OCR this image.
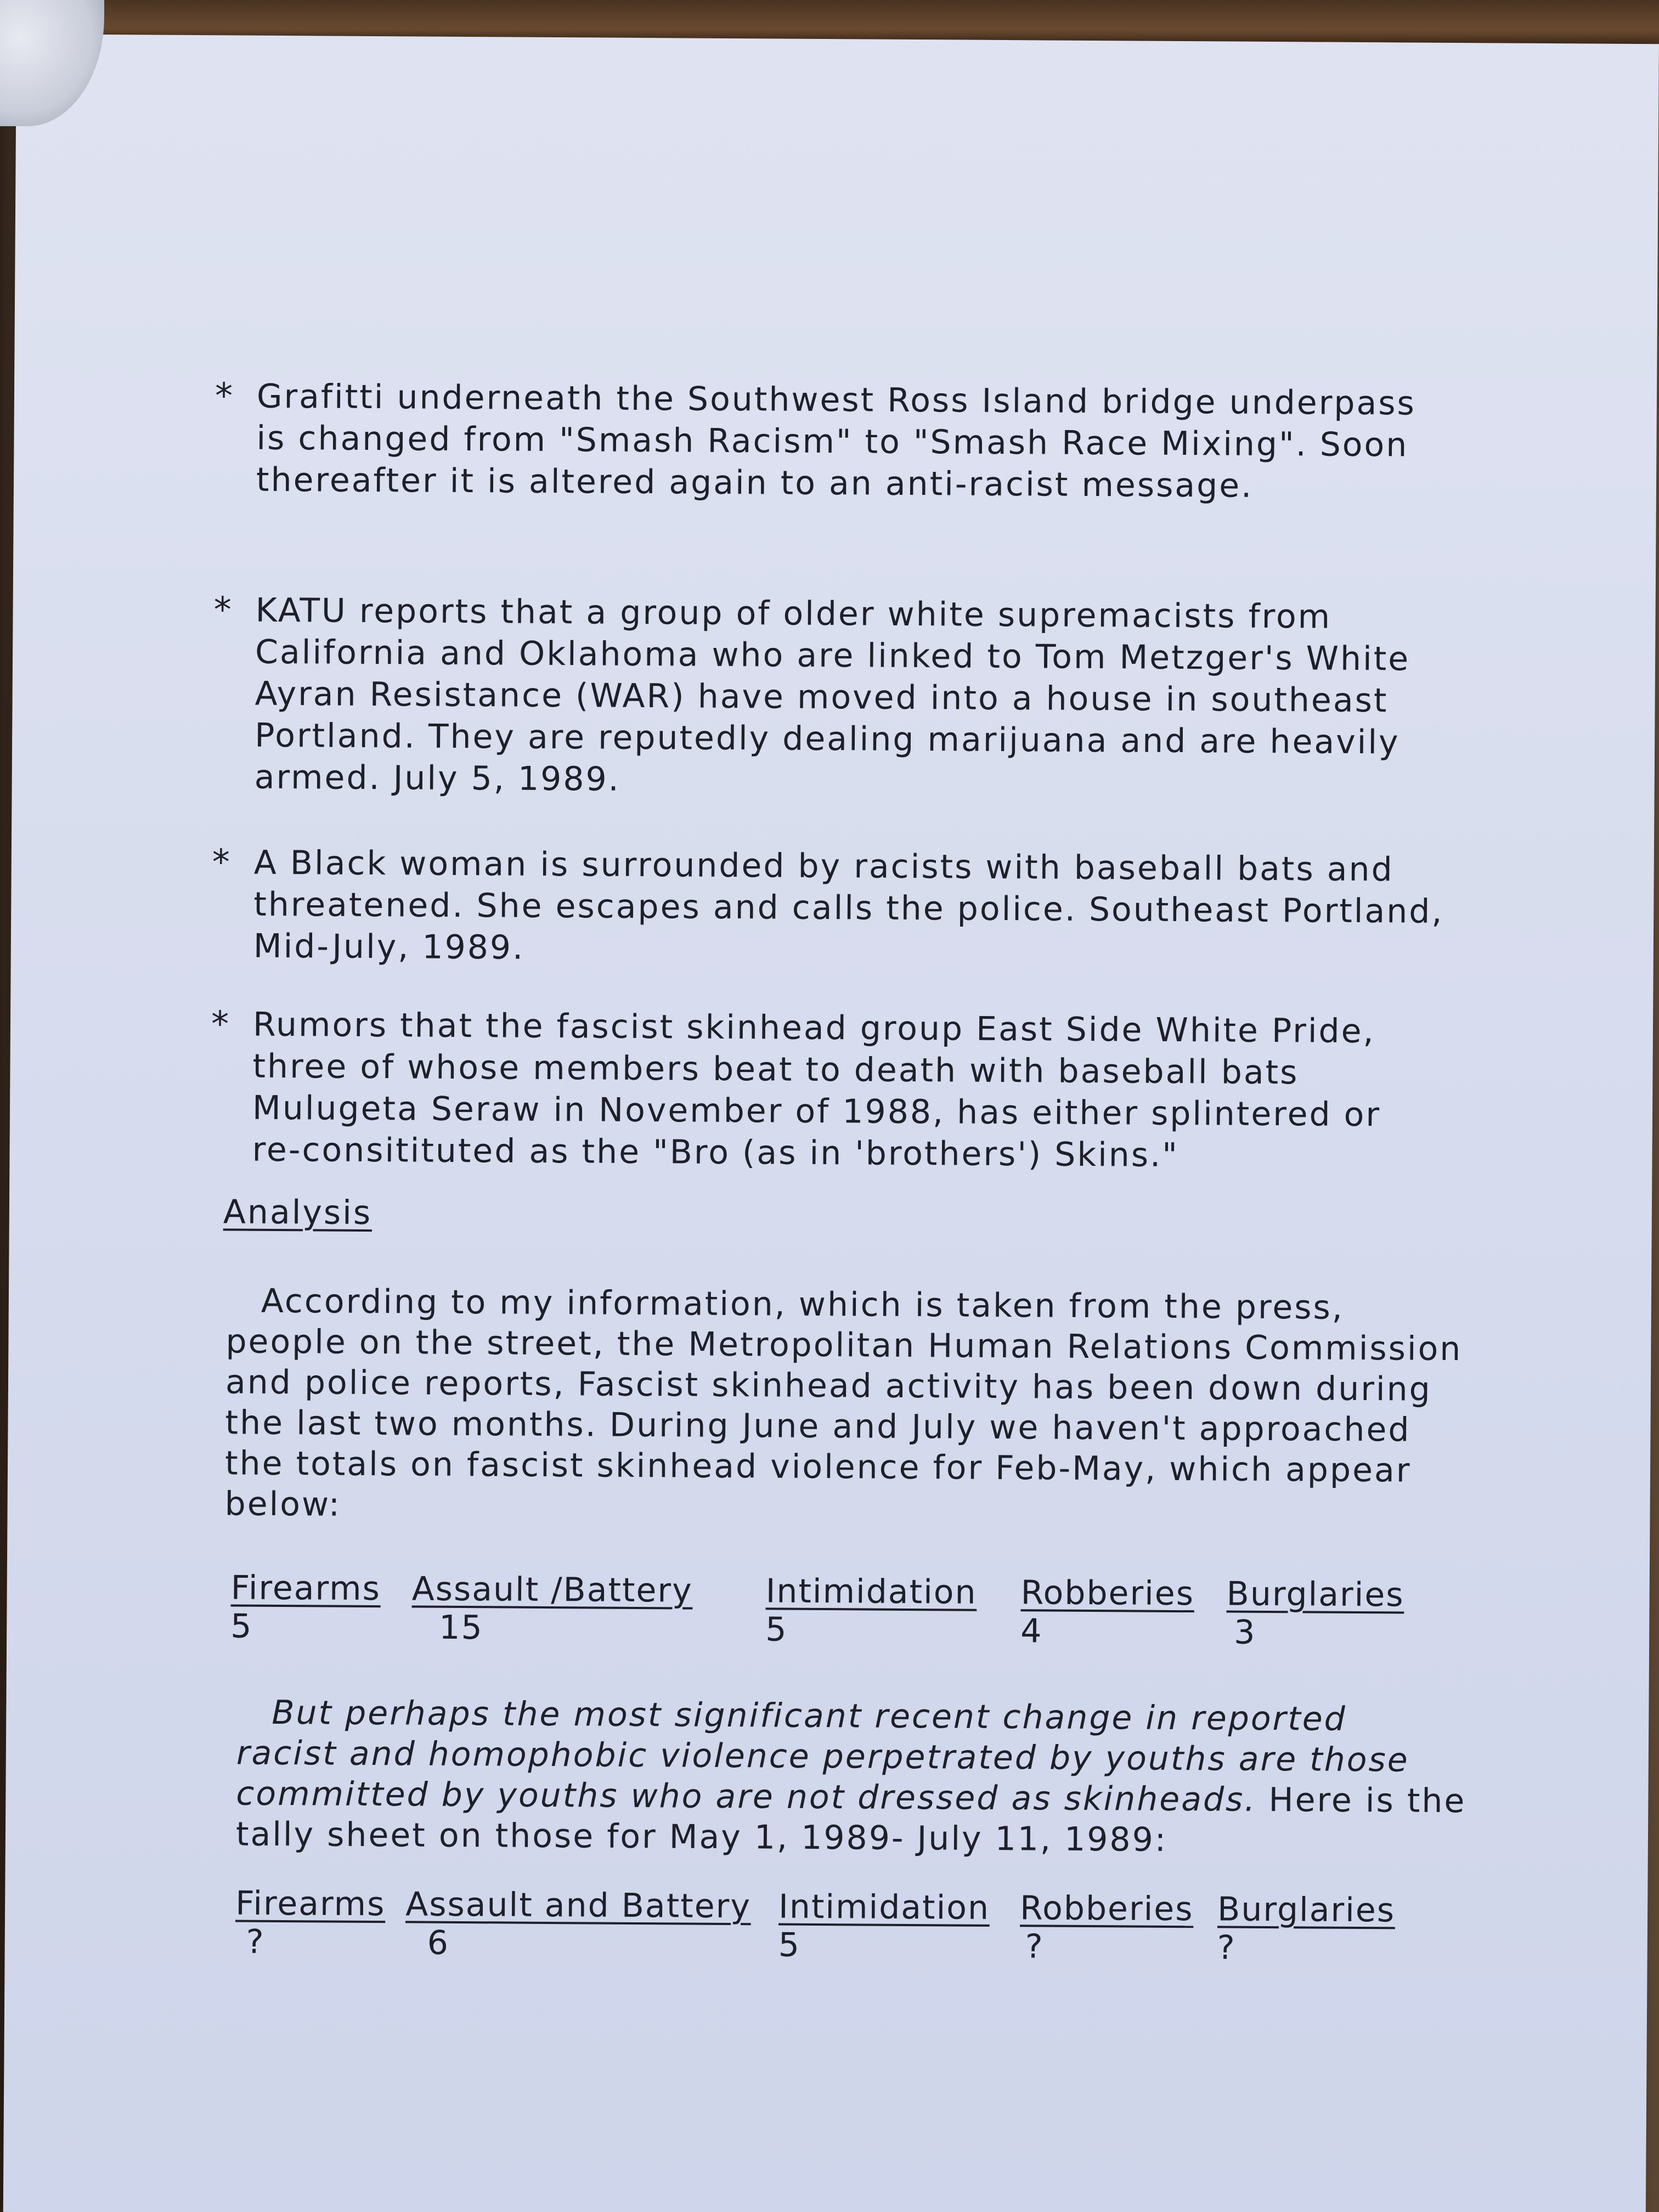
* Grafitti underneath the Southwest Ross Island bridge underpass
is changed from "Smash Racism" to "Smash Race Mixing". Soon
thereafter it is altered again to an anti-racist message.
* KATU reports that a group of older white supremacists from
California and Oklahoma who are linked to Tom Metzger's White
Ayran Resistance (WAR) have moved into a house in southeast
Portland. They are reputedly dealing marijuana and are heavily
armed. July 5, 1989.
* A Black woman is surrounded by racists with baseball bats and
threatened. She escapes and calls the police. Southeast Portland,
Mid-July, 1989.
* Rumors that the fascist skinhead group East Side White Pride,
three of whose members beat to death with baseball bats
Mulugeta Seraw in November of 1988, has either splintered or
re-consitituted as the "Bro (as in 'brothers') Skins."
Analysis
According to my information, which is taken from the press,
people on the street, the Metropolitan Human Relations Commission
and police reports, Fascist skinhead activity has been down during
the last two months. During June and July we haven't approached
the totals on fascist skinhead violence for Feb-May, which appear
below:
Firearms
5
Assault /Battery
15
Intimidation
5
Robberies
4
Burglaries
3
But perhaps the most significant recent change in reported
racist and homophobic violence perpetrated by youths are those
committed by youths who are not dressed as skinheads. Here is the
tally sheet on those for May 1, 1989- July 11, 1989:
Firearms
?
Assault and Battery
6
Intimidation
5
Robberies
?
Burglaries
?
